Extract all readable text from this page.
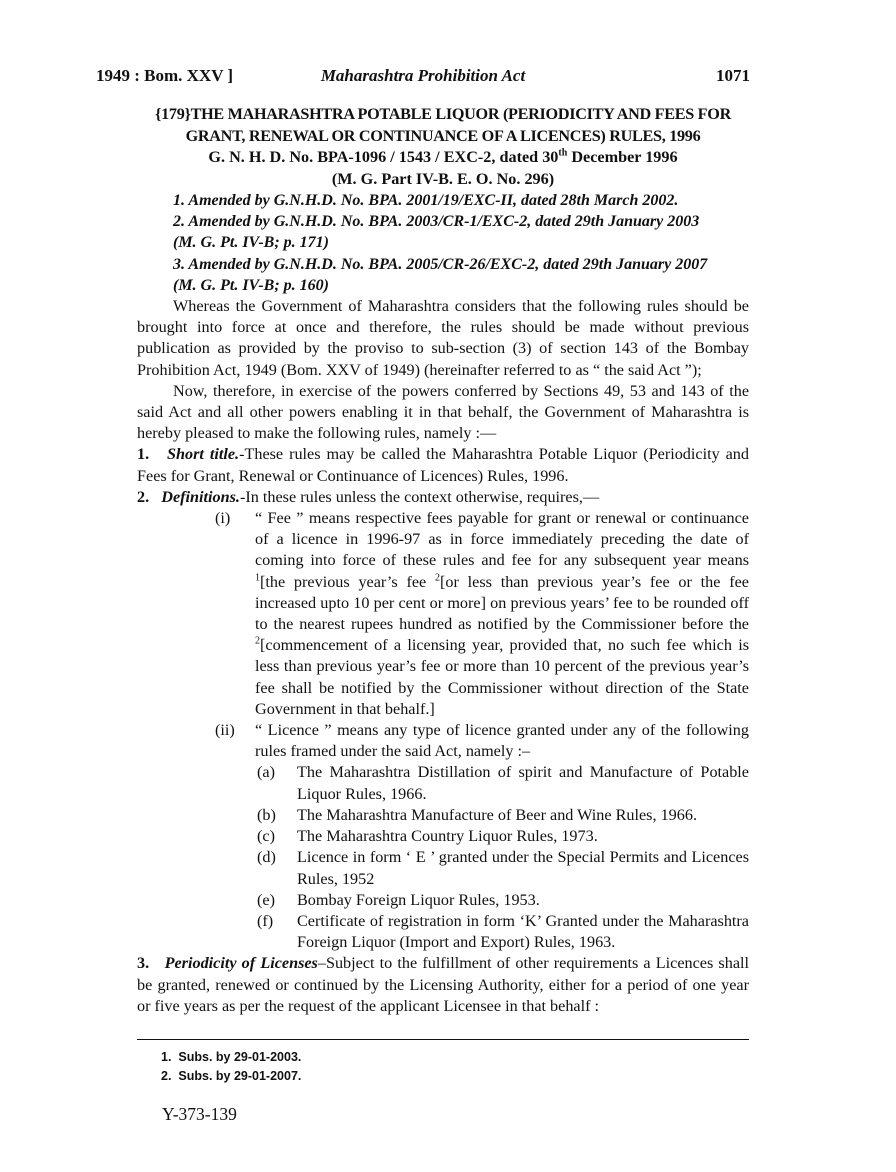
1949 : Bom. XXV ]	Maharashtra Prohibition Act	1071
{179}THE MAHARASHTRA POTABLE LIQUOR (PERIODICITY AND FEES FOR
GRANT, RENEWAL OR CONTINUANCE OF A LICENCES) RULES, 1996
G. N. H. D. No. BPA-1096 / 1543 / EXC-2, dated 30th December 1996
(M. G. Part IV-B. E. O. No. 296)
1. Amended by G.N.H.D. No. BPA. 2001/19/EXC-II, dated 28th March 2002.
2. Amended by G.N.H.D. No. BPA. 2003/CR-1/EXC-2, dated 29th January 2003
(M. G. Pt. IV-B; p. 171)
3. Amended by G.N.H.D. No. BPA. 2005/CR-26/EXC-2, dated 29th January 2007
(M. G. Pt. IV-B; p. 160)

Whereas the Government of Maharashtra considers that the following rules should be brought into force at once and therefore, the rules should be made without previous publication as provided by the proviso to sub-section (3) of section 143 of the Bombay Prohibition Act, 1949 (Bom. XXV of 1949) (hereinafter referred to as “ the said Act ”);

Now, therefore, in exercise of the powers conferred by Sections 49, 53 and 143 of the said Act and all other powers enabling it in that behalf, the Government of Maharashtra is hereby pleased to make the following rules, namely :—

1. Short title.-These rules may be called the Maharashtra Potable Liquor (Periodicity and Fees for Grant, Renewal or Continuance of Licences) Rules, 1996.

2. Definitions.-In these rules unless the context otherwise, requires,—

(i) “ Fee ” means respective fees payable for grant or renewal or continuance of a licence in 1996-97 as in force immediately preceding the date of coming into force of these rules and fee for any subsequent year means $^1$[the previous year’s fee $^2$[or less than previous year’s fee or the fee increased upto 10 per cent or more] on previous years’ fee to be rounded off to the nearest rupees hundred as notified by the Commissioner before the $^2$[commencement of a licensing year, provided that, no such fee which is less than previous year’s fee or more than 10 percent of the previous year’s fee shall be notified by the Commissioner without direction of the State Government in that behalf.]
(ii) “ Licence ” means any type of licence granted under any of the following rules framed under the said Act, namely :–
(a) The Maharashtra Distillation of spirit and Manufacture of Potable Liquor Rules, 1966.
(b) The Maharashtra Manufacture of Beer and Wine Rules, 1966.
(c) The Maharashtra Country Liquor Rules, 1973.
(d) Licence in form ‘ E ’ granted under the Special Permits and Licences Rules, 1952
(e) Bombay Foreign Liquor Rules, 1953.
(f) Certificate of registration in form ‘K’ Granted under the Maharashtra Foreign Liquor (Import and Export) Rules, 1963.

3. Periodicity of Licenses–Subject to the fulfillment of other requirements a Licences shall be granted, renewed or continued by the Licensing Authority, either for a period of one year or five years as per the request of the applicant Licensee in that behalf :

1. Subs. by 29-01-2003.
2. Subs. by 29-01-2007.
Y-373-139
